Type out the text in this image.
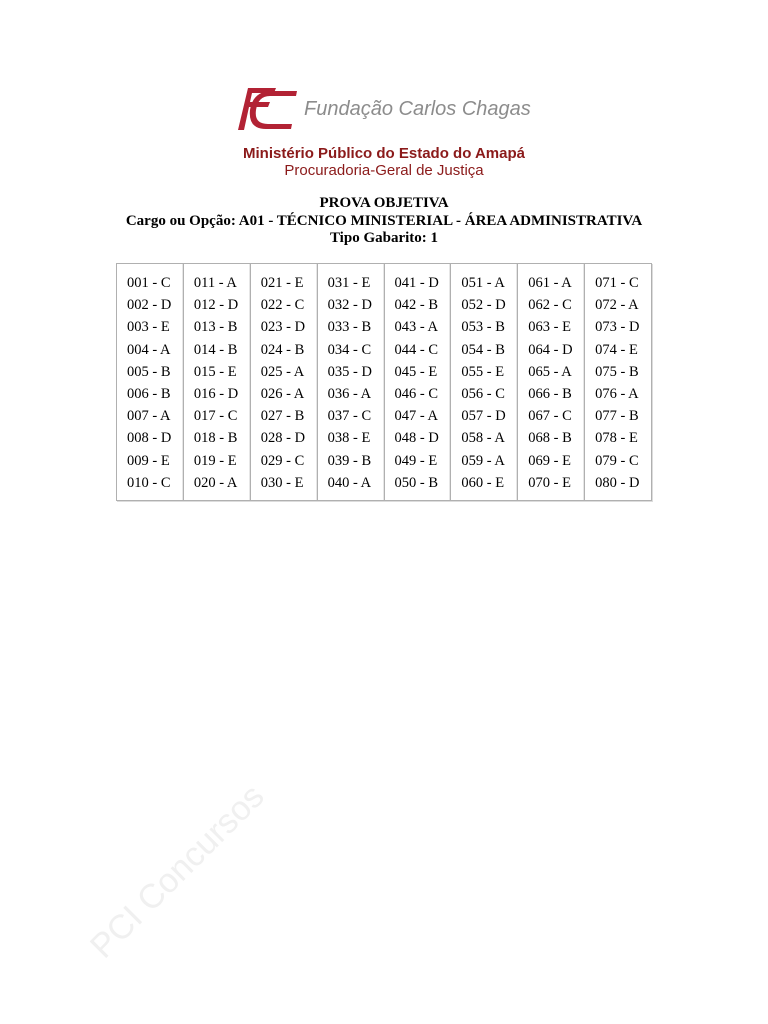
Fundação Carlos Chagas
Ministério Público do Estado do Amapá
Procuradoria-Geral de Justiça
PROVA OBJETIVA
Cargo ou Opção: A01 - TÉCNICO MINISTERIAL - ÁREA ADMINISTRATIVA
Tipo Gabarito: 1
001 - C
002 - D
003 - E
004 - A
005 - B
006 - B
007 - A
008 - D
009 - E
010 - C
011 - A
012 - D
013 - B
014 - B
015 - E
016 - D
017 - C
018 - B
019 - E
020 - A
021 - E
022 - C
023 - D
024 - B
025 - A
026 - A
027 - B
028 - D
029 - C
030 - E
031 - E
032 - D
033 - B
034 - C
035 - D
036 - A
037 - C
038 - E
039 - B
040 - A
041 - D
042 - B
043 - A
044 - C
045 - E
046 - C
047 - A
048 - D
049 - E
050 - B
051 - A
052 - D
053 - B
054 - B
055 - E
056 - C
057 - D
058 - A
059 - A
060 - E
061 - A
062 - C
063 - E
064 - D
065 - A
066 - B
067 - C
068 - B
069 - E
070 - E
071 - C
072 - A
073 - D
074 - E
075 - B
076 - A
077 - B
078 - E
079 - C
080 - D
PCI Concursos
